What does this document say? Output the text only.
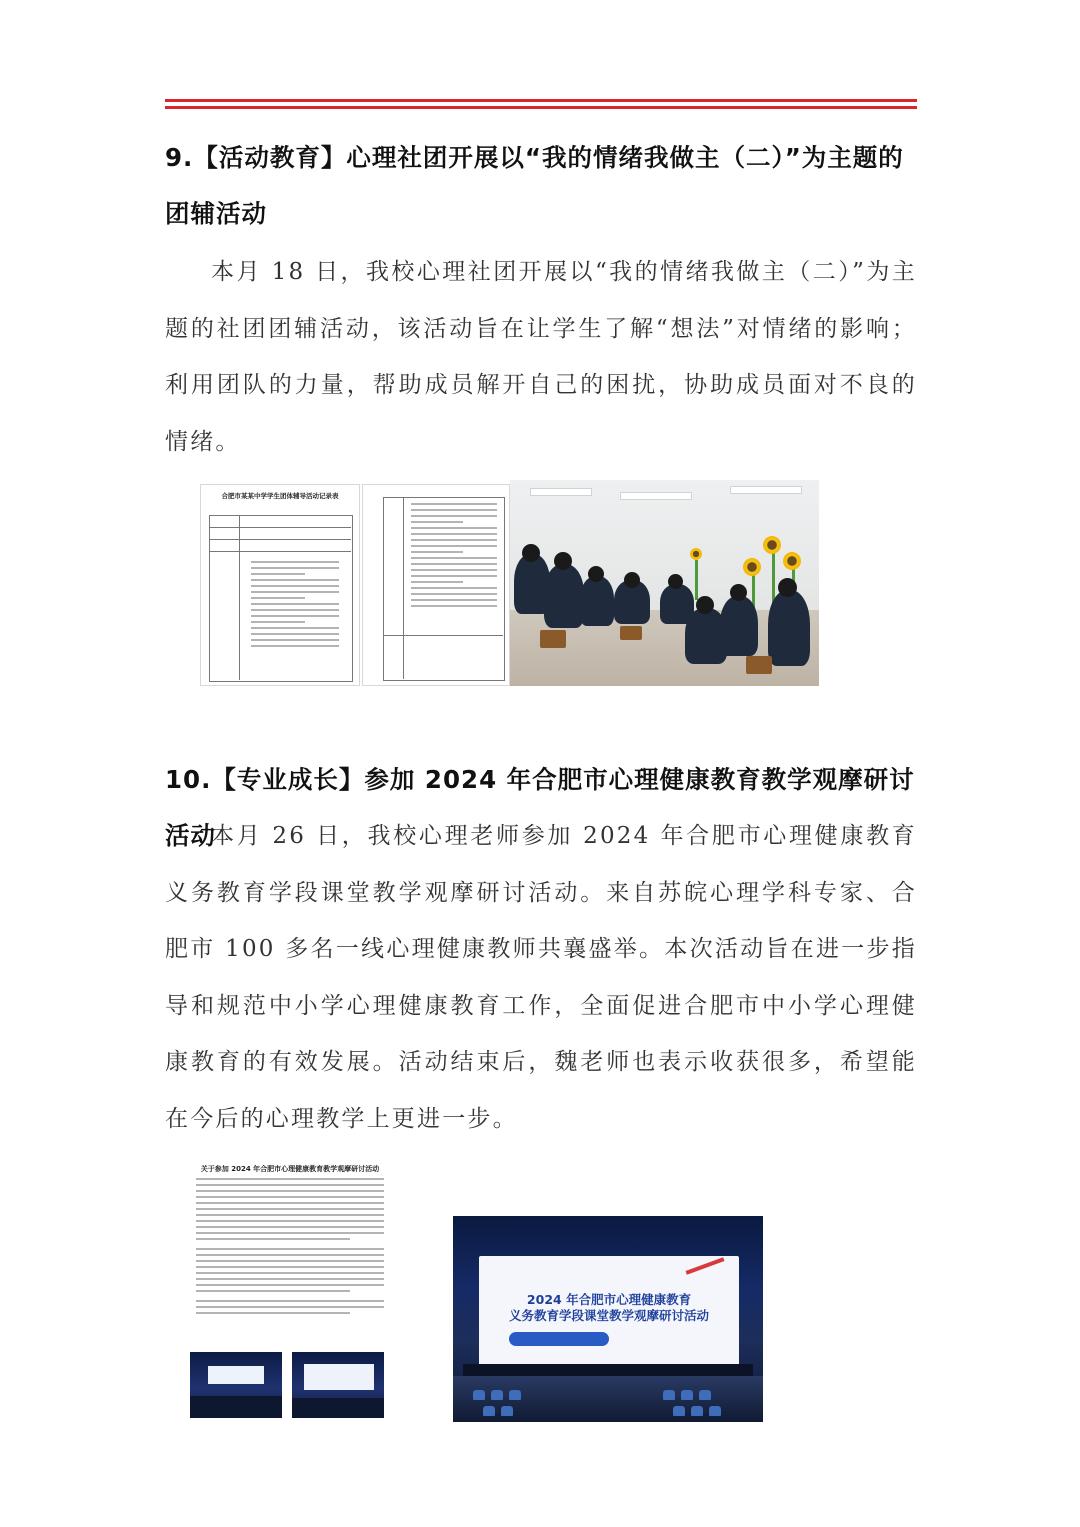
9.【活动教育】心理社团开展以“我的情绪我做主（二）”为主题的
团辅活动

本月 18 日，我校心理社团开展以“我的情绪我做主（二）”为主题的社团团辅活动，该活动旨在让学生了解“想法”对情绪的影响；利用团队的力量，帮助成员解开自己的困扰，协助成员面对不良的情绪。

合肥市某某中学学生团体辅导活动记录表
10.【专业成长】参加 2024 年合肥市心理健康教育教学观摩研讨活动

本月 26 日，我校心理老师参加 2024 年合肥市心理健康教育义务教育学段课堂教学观摩研讨活动。来自苏皖心理学科专家、合肥市 100 多名一线心理健康教师共襄盛举。本次活动旨在进一步指导和规范中小学心理健康教育工作，全面促进合肥市中小学心理健康教育的有效发展。活动结束后，魏老师也表示收获很多，希望能在今后的心理教学上更进一步。

关于参加 2024 年合肥市心理健康教育教学观摩研讨活动
2024 年合肥市心理健康教育
义务教育学段课堂教学观摩研讨活动
